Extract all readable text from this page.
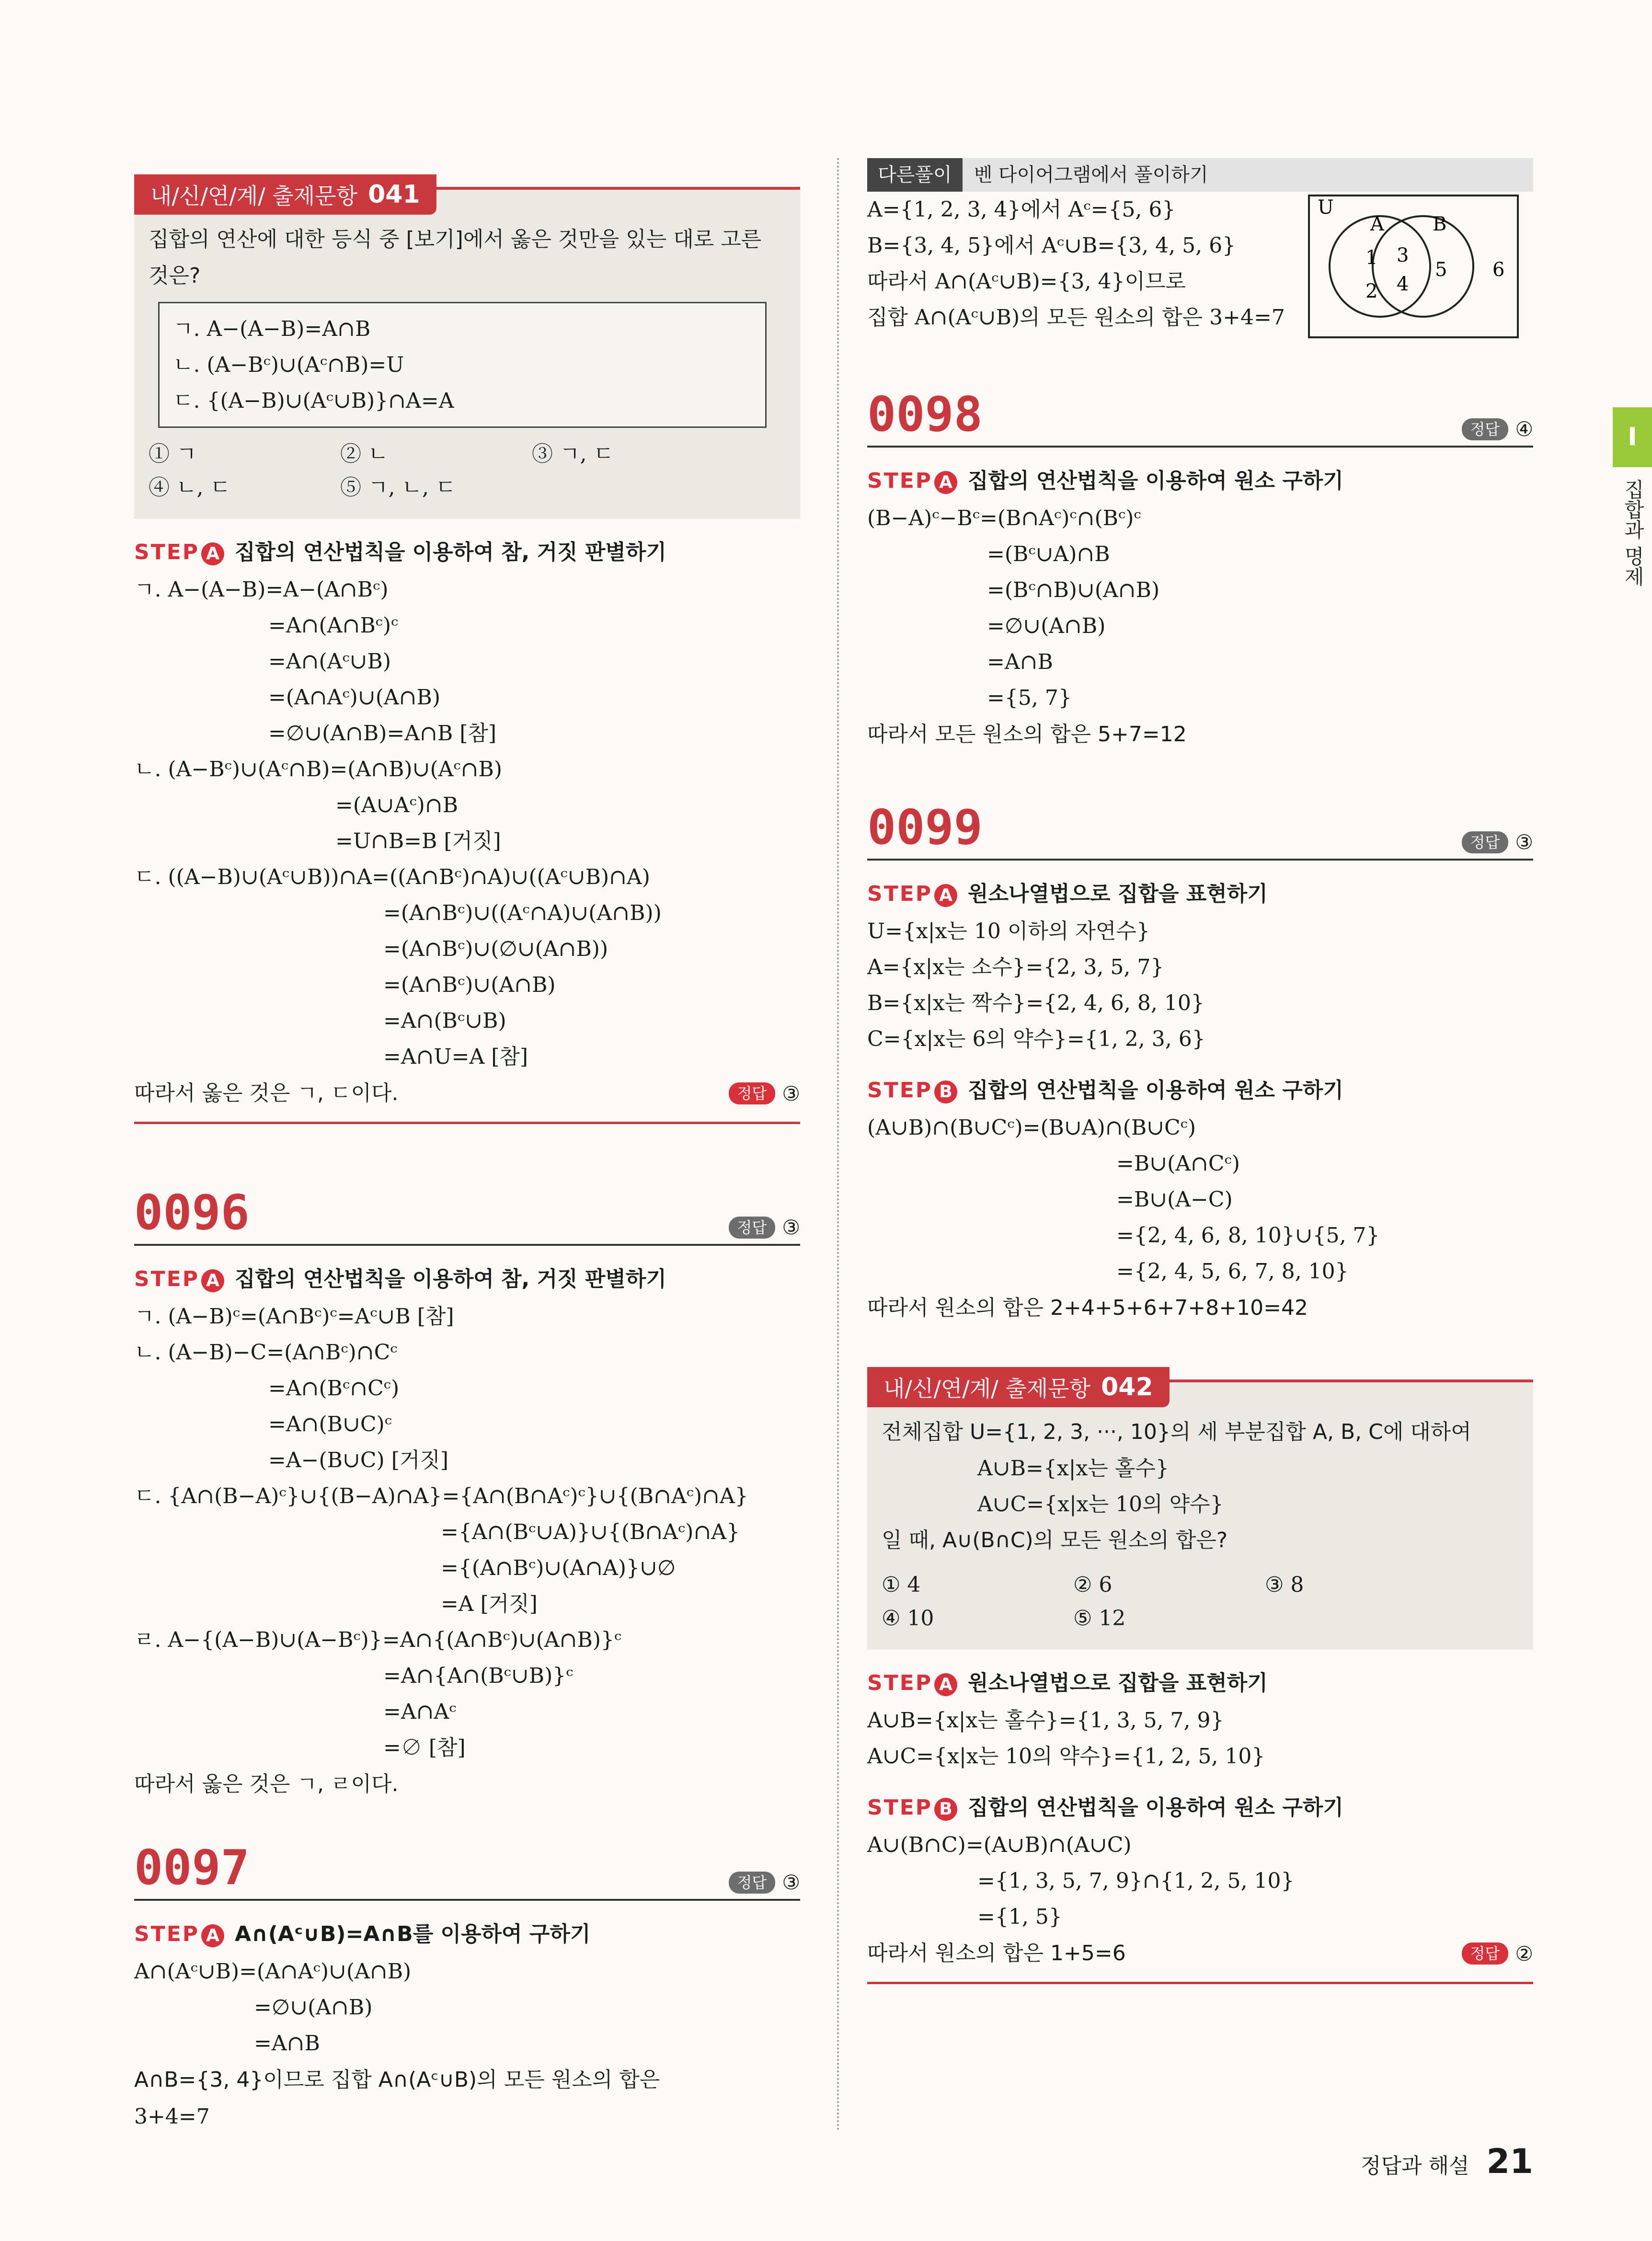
내/신/연/계/ 출제문항 041
집합의 연산에 대한 등식 중 [보기]에서 옳은 것만을 있는 대로 고른 것은?
ㄱ. A−(A−B)=A∩B
ㄴ. (A−Bᶜ)∪(Aᶜ∩B)=U
ㄷ. {(A−B)∪(Aᶜ∪B)}∩A=A
① ㄱ	② ㄴ	③ ㄱ, ㄷ
④ ㄴ, ㄷ	⑤ ㄱ, ㄴ, ㄷ
STEP A 집합의 연산법칙을 이용하여 참, 거짓 판별하기
ㄱ. A−(A−B)=A−(A∩Bᶜ)
=A∩(A∩Bᶜ)ᶜ
=A∩(Aᶜ∪B)
=(A∩Aᶜ)∪(A∩B)
=∅∪(A∩B)=A∩B [참]
ㄴ. (A−Bᶜ)∪(Aᶜ∩B)=(A∩B)∪(Aᶜ∩B)
=(A∪Aᶜ)∩B
=U∩B=B [거짓]
ㄷ. ((A−B)∪(Aᶜ∪B))∩A=((A∩Bᶜ)∩A)∪((Aᶜ∪B)∩A)
=(A∩Bᶜ)∪((Aᶜ∩A)∪(A∩B))
=(A∩Bᶜ)∪(∅∪(A∩B))
=(A∩Bᶜ)∪(A∩B)
=A∩(Bᶜ∪B)
=A∩U=A [참]
따라서 옳은 것은 ㄱ, ㄷ이다.	정답 ③
0096	정답 ③
STEP A 집합의 연산법칙을 이용하여 참, 거짓 판별하기
ㄱ. (A−B)ᶜ=(A∩Bᶜ)ᶜ=Aᶜ∪B [참]
ㄴ. (A−B)−C=(A∩Bᶜ)∩Cᶜ
=A∩(Bᶜ∩Cᶜ)
=A∩(B∪C)ᶜ
=A−(B∪C) [거짓]
ㄷ. {A∩(B−A)ᶜ}∪{(B−A)∩A}={A∩(B∩Aᶜ)ᶜ}∪{(B∩Aᶜ)∩A}
={A∩(Bᶜ∪A)}∪{(B∩Aᶜ)∩A}
={(A∩Bᶜ)∪(A∩A)}∪∅
=A [거짓]
ㄹ. A−{(A−B)∪(A−Bᶜ)}=A∩{(A∩Bᶜ)∪(A∩B)}ᶜ
=A∩{A∩(Bᶜ∪B)}ᶜ
=A∩Aᶜ
=∅ [참]
따라서 옳은 것은 ㄱ, ㄹ이다.
0097	정답 ③
STEP A A∩(Aᶜ∪B)=A∩B를 이용하여 구하기
A∩(Aᶜ∪B)=(A∩Aᶜ)∪(A∩B)
=∅∪(A∩B)
=A∩B
A∩B={3, 4}이므로 집합 A∩(Aᶜ∪B)의 모든 원소의 합은
3+4=7
다른풀이	벤 다이어그램에서 풀이하기
A={1, 2, 3, 4}에서 Aᶜ={5, 6}
B={3, 4, 5}에서 Aᶜ∪B={3, 4, 5, 6}
따라서 A∩(Aᶜ∪B)={3, 4}이므로
집합 A∩(Aᶜ∪B)의 모든 원소의 합은 3+4=7
U
A	B
1
2
3
4
5 6
0098	정답 ④
STEP A 집합의 연산법칙을 이용하여 원소 구하기
(B−A)ᶜ−Bᶜ=(B∩Aᶜ)ᶜ∩(Bᶜ)ᶜ
=(Bᶜ∪A)∩B
=(Bᶜ∩B)∪(A∩B)
=∅∪(A∩B)
=A∩B
={5, 7}
따라서 모든 원소의 합은 5+7=12
0099	정답 ③
STEP A 원소나열법으로 집합을 표현하기
U={x|x는 10 이하의 자연수}
A={x|x는 소수}={2, 3, 5, 7}
B={x|x는 짝수}={2, 4, 6, 8, 10}
C={x|x는 6의 약수}={1, 2, 3, 6}
STEP B 집합의 연산법칙을 이용하여 원소 구하기
(A∪B)∩(B∪Cᶜ)=(B∪A)∩(B∪Cᶜ)
=B∪(A∩Cᶜ)
=B∪(A−C)
={2, 4, 6, 8, 10}∪{5, 7}
={2, 4, 5, 6, 7, 8, 10}
따라서 원소의 합은 2+4+5+6+7+8+10=42
내/신/연/계/ 출제문항 042
전체집합 U={1, 2, 3, ···, 10}의 세 부분집합 A, B, C에 대하여
A∪B={x|x는 홀수}
A∪C={x|x는 10의 약수}
일 때, A∪(B∩C)의 모든 원소의 합은?
① 4	② 6	③ 8
④ 10	⑤ 12
STEP A 원소나열법으로 집합을 표현하기
A∪B={x|x는 홀수}={1, 3, 5, 7, 9}
A∪C={x|x는 10의 약수}={1, 2, 5, 10}
STEP B 집합의 연산법칙을 이용하여 원소 구하기
A∪(B∩C)=(A∪B)∩(A∪C)
={1, 3, 5, 7, 9}∩{1, 2, 5, 10}
={1, 5}
따라서 원소의 합은 1+5=6	정답 ②
I
집합과 명제
정답과 해설 21
